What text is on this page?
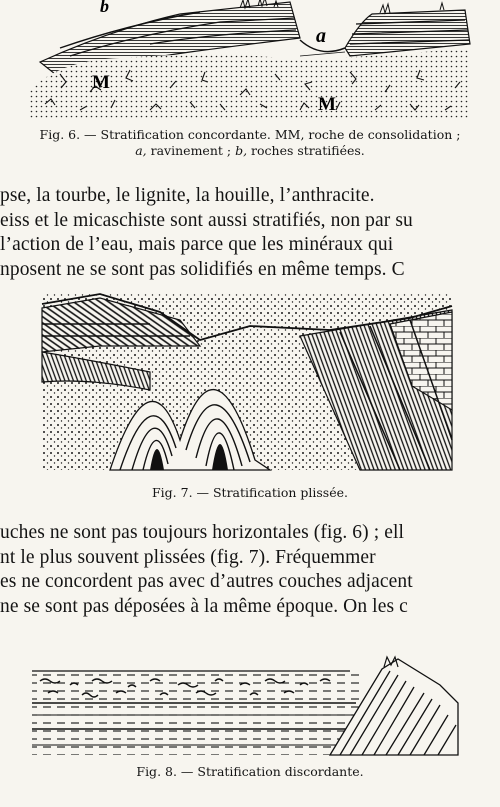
b
a
M
M
Fig. 6. — Stratification concordante. MM, roche de consolidation ;
a, ravinement ; b, roches stratifiées.
pse, la tourbe, le lignite, la houille, l’anthracite.
eiss et le micaschiste sont aussi stratifiés, non par su
l’action de l’eau, mais parce que les minéraux qui
nposent ne se sont pas solidifiés en même temps. C
Fig. 7. — Stratification plissée.
uches ne sont pas toujours horizontales (fig. 6) ; ell
nt le plus souvent plissées (fig. 7). Fréquemmer
es ne concordent pas avec d’autres couches adjacent
ne se sont pas déposées à la même époque. On les c
Fig. 8. — Stratification discordante.
